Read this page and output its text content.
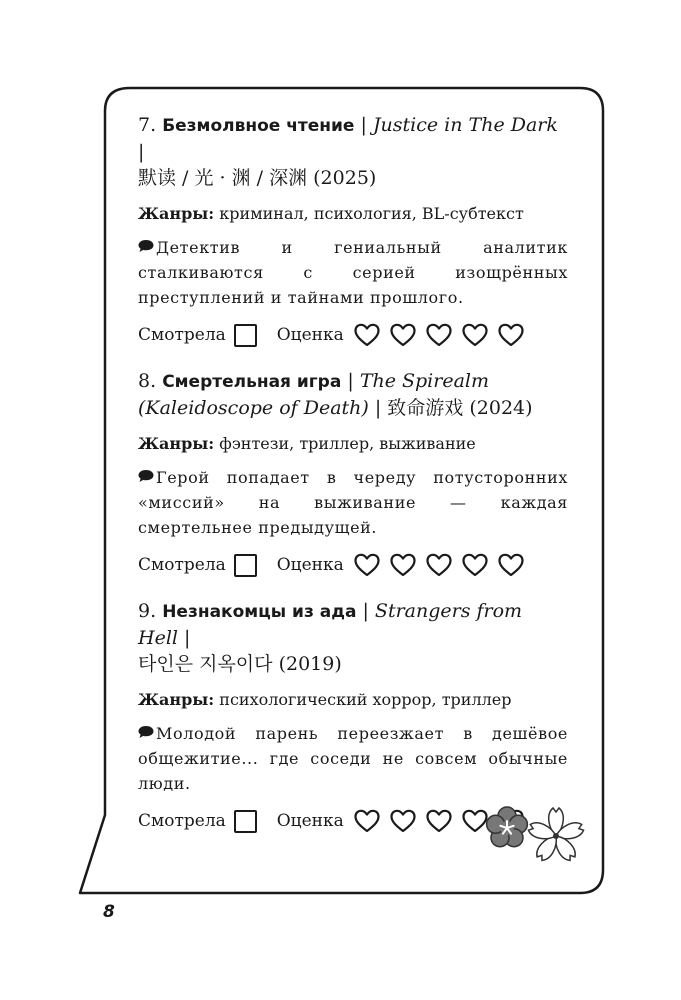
7. Безмолвное чтение | Justice in The Dark |
默读 / 光 · 渊 / 深渊 (2025)
Жанры: криминал, психология, BL-субтекст
Детектив и гениальный аналитик сталкиваются с серией изощрённых преступлений и тайнами прошлого.
Смотрела	Оценка
8. Смертельная игра | The Spirealm (Kaleidoscope of Death) | 致命游戏 (2024)
Жанры: фэнтези, триллер, выживание
Герой попадает в череду потусторонних «миссий» на выживание — каждая смертельнее предыдущей.
Смотрела	Оценка
9. Незнакомцы из ада | Strangers from Hell |
타인은 지옥이다 (2019)
Жанры: психологический хоррор, триллер
Молодой парень переезжает в дешёвое общежитие... где соседи не совсем обычные люди.
Смотрела	Оценка
8
